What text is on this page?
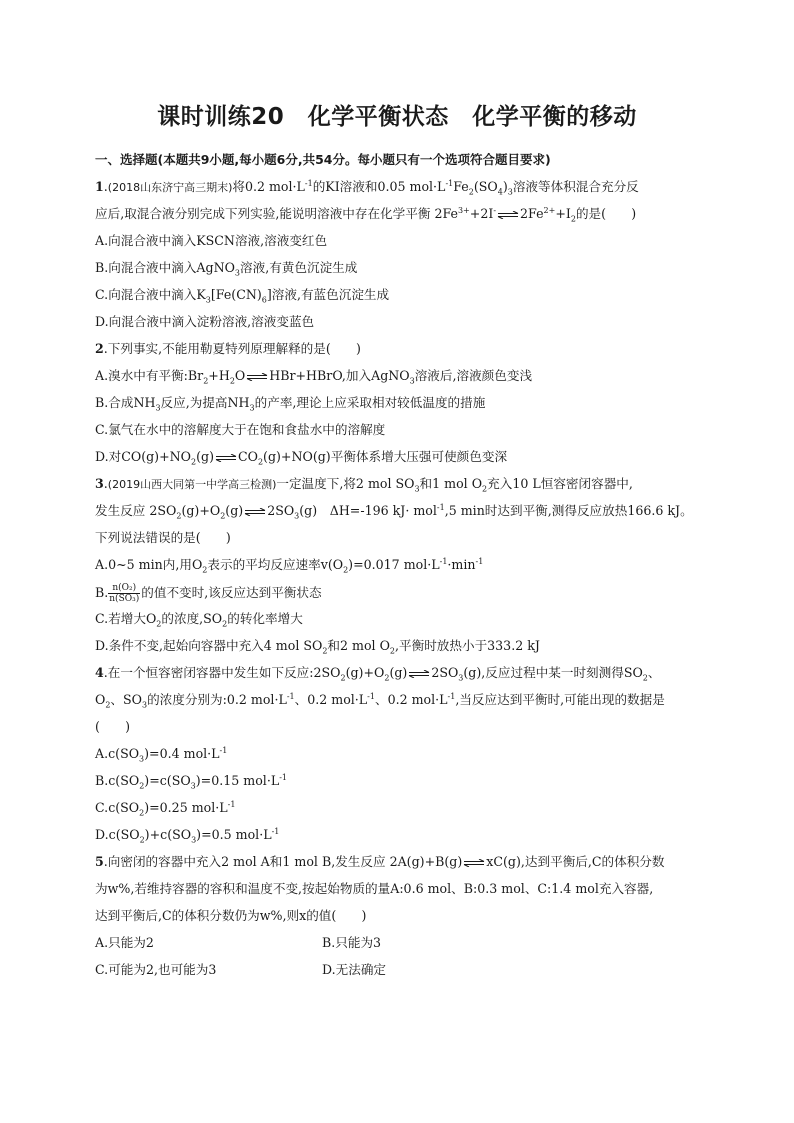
课时训练20　化学平衡状态　化学平衡的移动
一、选择题(本题共9小题,每小题6分,共54分。每小题只有一个选项符合题目要求)
1.(2018山东济宁高三期末)将0.2 $mol\cdot L^{-1}$的KI溶液和0.05 $mol\cdot L^{-1}Fe_2(SO_4)_3$溶液等体积混合充分反
应后,取混合液分别完成下列实验,能说明溶液中存在化学平衡 $2Fe^{3+}+2I^-$ $2Fe^{2+}+I_2$的是(　　)
A.向混合液中滴入KSCN溶液,溶液变红色
B.向混合液中滴入AgNO$_3$溶液,有黄色沉淀生成
C.向混合液中滴入$K_3[Fe(CN)_6]$溶液,有蓝色沉淀生成
D.向混合液中滴入淀粉溶液,溶液变蓝色
2.下列事实,不能用勒夏特列原理解释的是(　　)
A.溴水中有平衡$:Br_2+H_2O$ HBr+HBrO,加入AgNO$_3$溶液后,溶液颜色变浅
B.合成$NH_3$反应,为提高$NH_3$的产率,理论上应采取相对较低温度的措施
C.氯气在水中的溶解度大于在饱和食盐水中的溶解度
D.对$CO(g)+NO_2(g)$ $CO_2(g)+NO(g)$平衡体系增大压强可使颜色变深
3.(2019山西大同第一中学高三检测)一定温度下,将2 mol $SO_3$和1 mol $O_2$充入10 L恒容密闭容器中,
发生反应 $2SO_2(g)+O_2(g)$ $2SO_3(g)$　ΔH=-196 kJ· mol$^{-1}$,5 min时达到平衡,测得反应放热166.6 kJ。
下列说法错误的是(　　)
A.0~5 min内,用$O_2$表示的平均反应速率$v(O_2)=0.017$ $mol\cdot L^{-1}\cdot\min^{-1}$
B. $\frac{\text{n(O₂)}}{\text{n(SO₃)}}$ 的值不变时,该反应达到平衡状态
C.若增大$O_2$的浓度$,SO_2$的转化率增大
D.条件不变,起始向容器中充入4 mol $SO_2$和2 mol $O_2$,平衡时放热小于333.2 kJ
4.在一个恒容密闭容器中发生如下反应$:2SO_2(g)+O_2(g)$ $2SO_3(g)$,反应过程中某一时刻测得$SO_2$、
$O_2$、$SO_3$的浓度分别为:0.2 $mol\cdot L^{-1}$、0.2 $mol\cdot L^{-1}$、0.2 $mol\cdot L^{-1}$,当反应达到平衡时,可能出现的数据是
(　　)
$A.c(SO_3)=0.4$ $mol\cdot L^{-1}$
$B.c(SO_2)=c(SO_3)=0.15$ $mol\cdot L^{-1}$
$C.c(SO_2)=0.25$ $mol\cdot L^{-1}$
$D.c(SO_2)+c(SO_3)=0.5$ $mol\cdot L^{-1}$
5.向密闭的容器中充入2 mol A和1 mol B,发生反应 2A(g)+B(g) xC(g),达到平衡后,C的体积分数
为w%,若维持容器的容积和温度不变,按起始物质的量A:0.6 mol、B:0.3 mol、C:1.4 mol充入容器,
达到平衡后,C的体积分数仍为w%,则x的值(　　)
A.只能为2	B.只能为3
C.可能为2,也可能为3	D.无法确定
